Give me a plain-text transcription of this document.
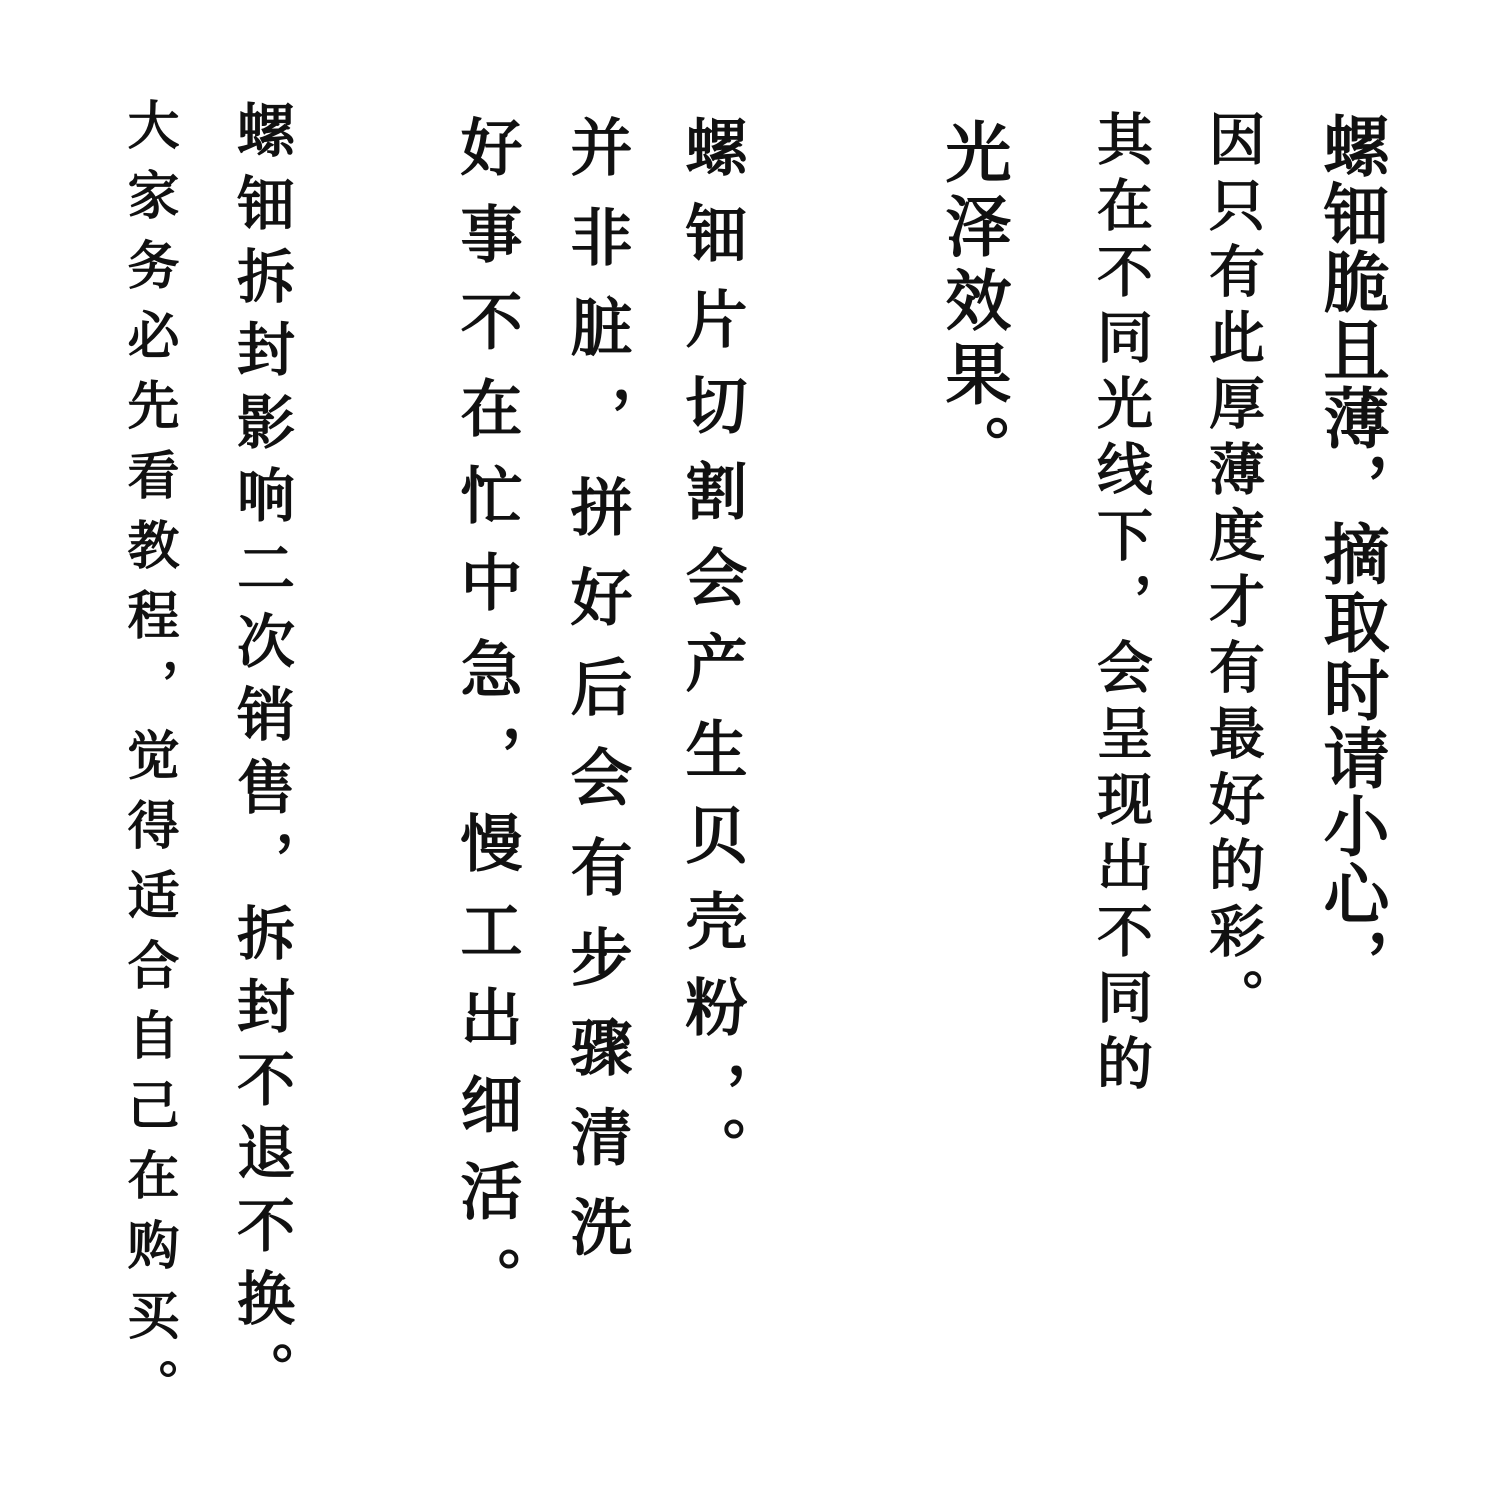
螺钿脆且薄，摘取时请小心，

因只有此厚薄度才有最好的彩。

其在不同光线下，会呈现出不同的

光泽效果。

螺钿片切割会产生贝壳粉，。

并非脏，拼好后会有步骤清洗

好事不在忙中急，慢工出细活。

螺钿拆封影响二次销售，拆封不退不换。

大家务必先看教程，觉得适合自己在购买。
